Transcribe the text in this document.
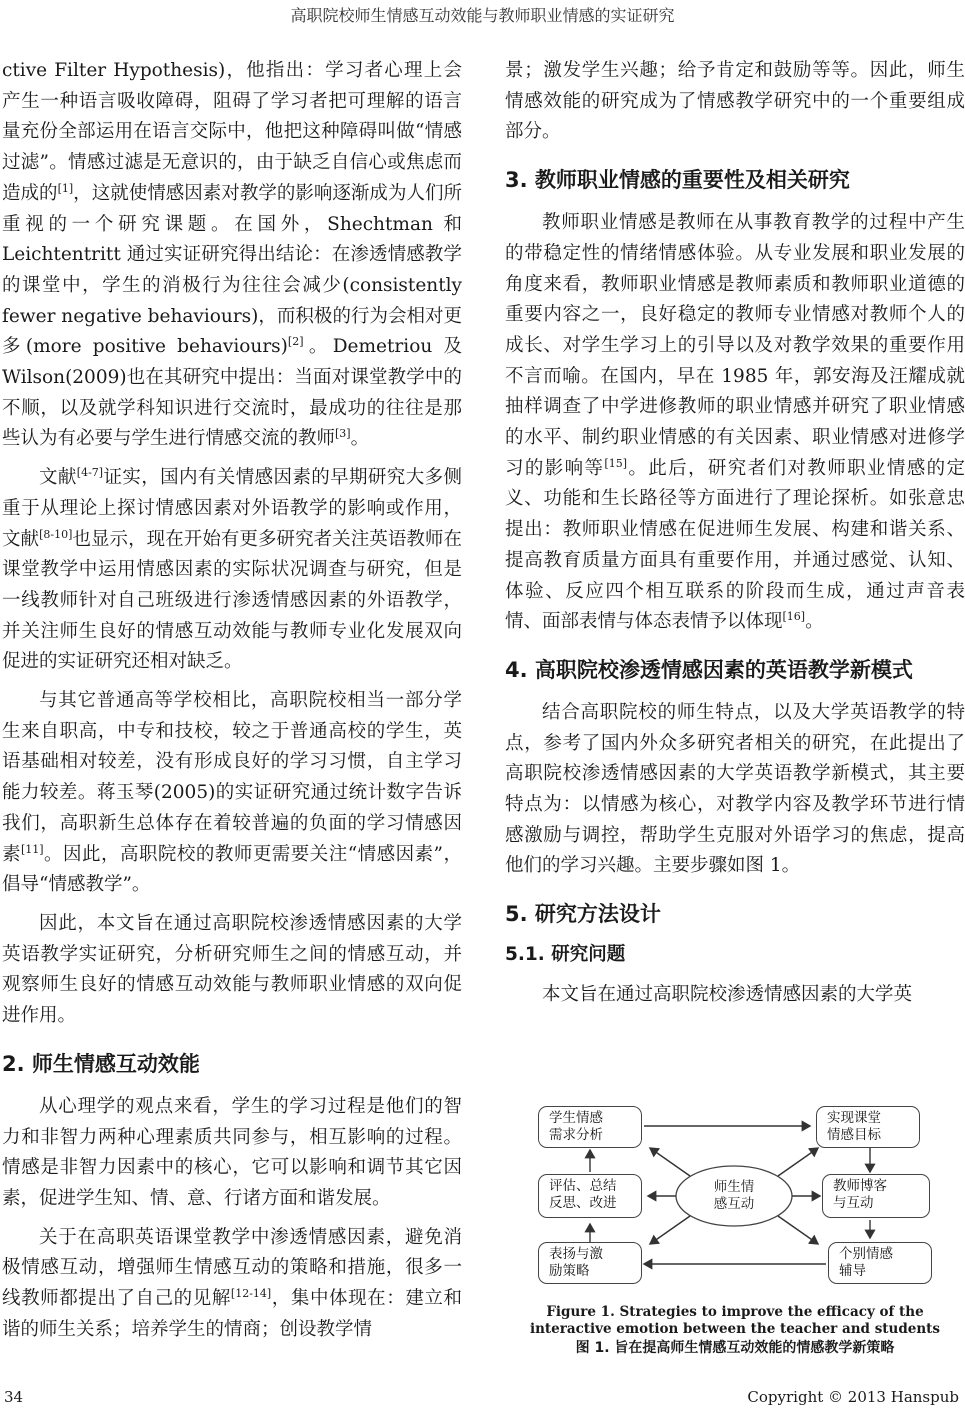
高职院校师生情感互动效能与教师职业情感的实证研究

ctive Filter Hypothesis)，他指出：学习者心理上会产生一种语言吸收障碍，阻碍了学习者把可理解的语言量充份全部运用在语言交际中，他把这种障碍叫做“情感过滤”。情感过滤是无意识的，由于缺乏自信心或焦虑而造成的[1]，这就使情感因素对教学的影响逐渐成为人们所重视的一个研究课题。在国外，Shechtman 和 Leichtentritt 通过实证研究得出结论：在渗透情感教学的课堂中，学生的消极行为往往会减少(consistently fewer negative behaviours)，而积极的行为会相对更多(more positive behaviours)[2]。Demetriou 及 Wilson(2009)也在其研究中提出：当面对课堂教学中的不顺，以及就学科知识进行交流时，最成功的往往是那些认为有必要与学生进行情感交流的教师[3]。

文献[4-7]证实，国内有关情感因素的早期研究大多侧重于从理论上探讨情感因素对外语教学的影响或作用，文献[8-10]也显示，现在开始有更多研究者关注英语教师在课堂教学中运用情感因素的实际状况调查与研究，但是一线教师针对自己班级进行渗透情感因素的外语教学，并关注师生良好的情感互动效能与教师专业化发展双向促进的实证研究还相对缺乏。

与其它普通高等学校相比，高职院校相当一部分学生来自职高，中专和技校，较之于普通高校的学生，英语基础相对较差，没有形成良好的学习习惯，自主学习能力较差。蒋玉琴(2005)的实证研究通过统计数字告诉我们，高职新生总体存在着较普遍的负面的学习情感因素[11]。因此，高职院校的教师更需要关注“情感因素”，倡导“情感教学”。

因此，本文旨在通过高职院校渗透情感因素的大学英语教学实证研究，分析研究师生之间的情感互动，并观察师生良好的情感互动效能与教师职业情感的双向促进作用。

2. 师生情感互动效能

从心理学的观点来看，学生的学习过程是他们的智力和非智力两种心理素质共同参与，相互影响的过程。情感是非智力因素中的核心，它可以影响和调节其它因素，促进学生知、情、意、行诸方面和谐发展。

关于在高职英语课堂教学中渗透情感因素，避免消极情感互动，增强师生情感互动的策略和措施，很多一线教师都提出了自己的见解[12-14]，集中体现在：建立和谐的师生关系；培养学生的情商；创设教学情

景；激发学生兴趣；给予肯定和鼓励等等。因此，师生情感效能的研究成为了情感教学研究中的一个重要组成部分。

3. 教师职业情感的重要性及相关研究

教师职业情感是教师在从事教育教学的过程中产生的带稳定性的情绪情感体验。从专业发展和职业发展的角度来看，教师职业情感是教师素质和教师职业道德的重要内容之一，良好稳定的教师专业情感对教师个人的成长、对学生学习上的引导以及对教学效果的重要作用不言而喻。在国内，早在 1985 年，郭安海及汪耀成就抽样调查了中学进修教师的职业情感并研究了职业情感的水平、制约职业情感的有关因素、职业情感对进修学习的影响等[15]。此后，研究者们对教师职业情感的定义、功能和生长路径等方面进行了理论探析。如张意忠提出：教师职业情感在促进师生发展、构建和谐关系、提高教育质量方面具有重要作用，并通过感觉、认知、体验、反应四个相互联系的阶段而生成，通过声音表情、面部表情与体态表情予以体现[16]。

4. 高职院校渗透情感因素的英语教学新模式

结合高职院校的师生特点，以及大学英语教学的特点，参考了国内外众多研究者相关的研究，在此提出了高职院校渗透情感因素的大学英语教学新模式，其主要特点为：以情感为核心，对教学内容及教学环节进行情感激励与调控，帮助学生克服对外语学习的焦虑，提高他们的学习兴趣。主要步骤如图 1。

5. 研究方法设计
5.1. 研究问题

本文旨在通过高职院校渗透情感因素的大学英

师生情
感互动
学生情感
需求分析
实现课堂
情感目标
评估、总结
反思、改进
教师博客
与互动
表扬与激
励策略
个别情感
辅导
Figure 1. Strategies to improve the efficacy of the interactive emotion between the teacher and students
图 1. 旨在提高师生情感互动效能的情感教学新策略
34	Copyright © 2013 Hanspub
